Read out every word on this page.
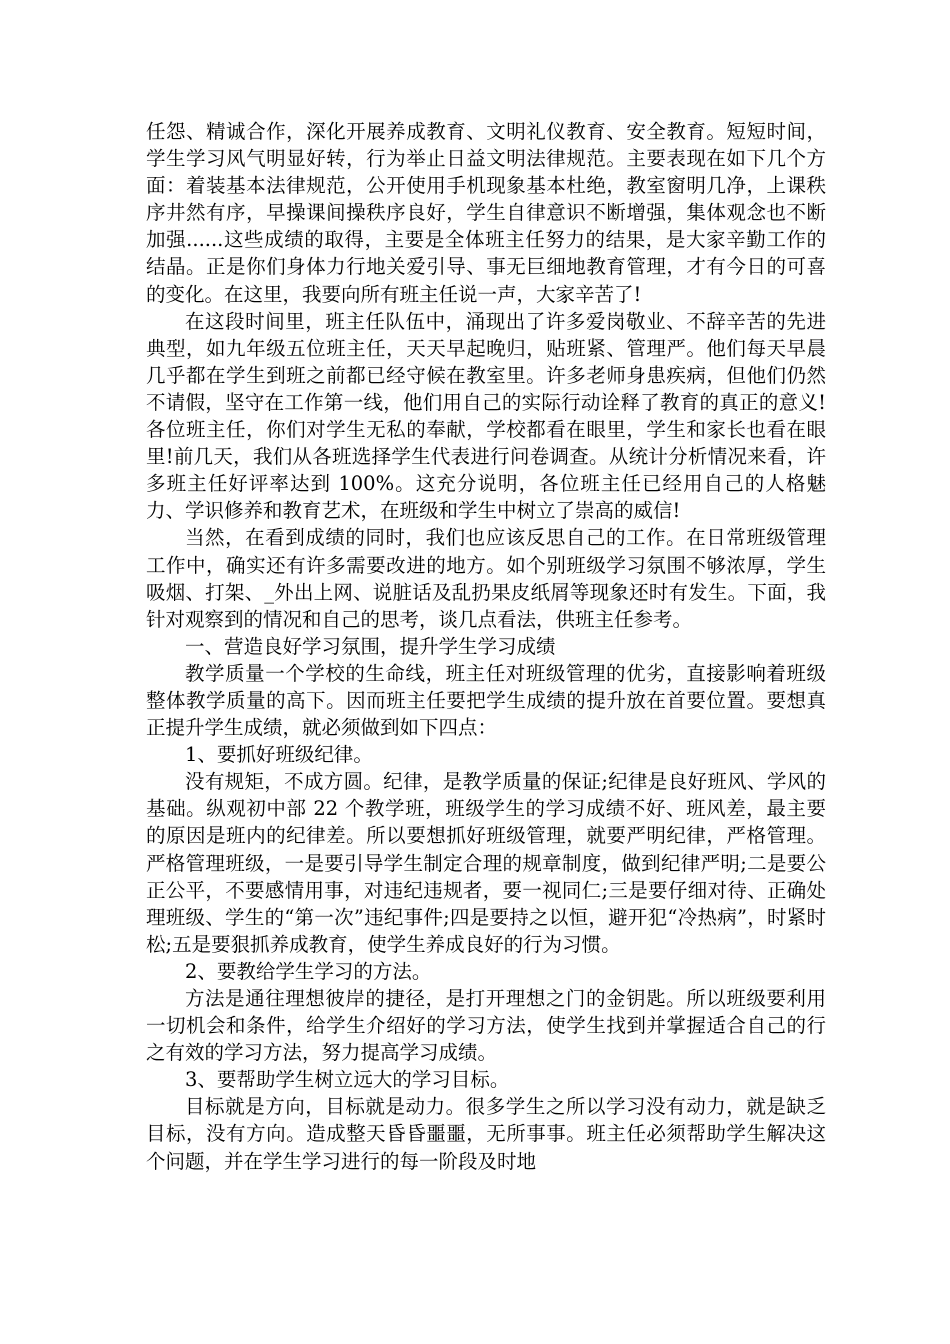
任怨、精诚合作，深化开展养成教育、文明礼仪教育、安全教育。短短时间，学生学习风气明显好转，行为举止日益文明法律规范。主要表现在如下几个方面：着装基本法律规范，公开使用手机现象基本杜绝，教室窗明几净，上课秩序井然有序，早操课间操秩序良好，学生自律意识不断增强，集体观念也不断加强......这些成绩的取得，主要是全体班主任努力的结果，是大家辛勤工作的结晶。正是你们身体力行地关爱引导、事无巨细地教育管理，才有今日的可喜的变化。在这里，我要向所有班主任说一声，大家辛苦了!

在这段时间里，班主任队伍中，涌现出了许多爱岗敬业、不辞辛苦的先进典型，如九年级五位班主任，天天早起晚归，贴班紧、管理严。他们每天早晨几乎都在学生到班之前都已经守候在教室里。许多老师身患疾病，但他们仍然不请假，坚守在工作第一线，他们用自己的实际行动诠释了教育的真正的意义!各位班主任，你们对学生无私的奉献，学校都看在眼里，学生和家长也看在眼里!前几天，我们从各班选择学生代表进行问卷调查。从统计分析情况来看，许多班主任好评率达到 100%。这充分说明，各位班主任已经用自己的人格魅力、学识修养和教育艺术，在班级和学生中树立了崇高的威信!

当然，在看到成绩的同时，我们也应该反思自己的工作。在日常班级管理工作中，确实还有许多需要改进的地方。如个别班级学习氛围不够浓厚，学生吸烟、打架、_外出上网、说脏话及乱扔果皮纸屑等现象还时有发生。下面，我针对观察到的情况和自己的思考，谈几点看法，供班主任参考。

一、营造良好学习氛围，提升学生学习成绩

教学质量一个学校的生命线，班主任对班级管理的优劣，直接影响着班级整体教学质量的高下。因而班主任要把学生成绩的提升放在首要位置。要想真正提升学生成绩，就必须做到如下四点：

1、要抓好班级纪律。

没有规矩，不成方圆。纪律，是教学质量的保证;纪律是良好班风、学风的基础。纵观初中部 22 个教学班，班级学生的学习成绩不好、班风差，最主要的原因是班内的纪律差。所以要想抓好班级管理，就要严明纪律，严格管理。严格管理班级，一是要引导学生制定合理的规章制度，做到纪律严明;二是要公正公平，不要感情用事，对违纪违规者，要一视同仁;三是要仔细对待、正确处理班级、学生的“第一次”违纪事件;四是要持之以恒，避开犯“冷热病”，时紧时松;五是要狠抓养成教育，使学生养成良好的行为习惯。

2、要教给学生学习的方法。

方法是通往理想彼岸的捷径，是打开理想之门的金钥匙。所以班级要利用一切机会和条件，给学生介绍好的学习方法，使学生找到并掌握适合自己的行之有效的学习方法，努力提高学习成绩。

3、要帮助学生树立远大的学习目标。

目标就是方向，目标就是动力。很多学生之所以学习没有动力，就是缺乏目标，没有方向。造成整天昏昏噩噩，无所事事。班主任必须帮助学生解决这个问题，并在学生学习进行的每一阶段及时地
